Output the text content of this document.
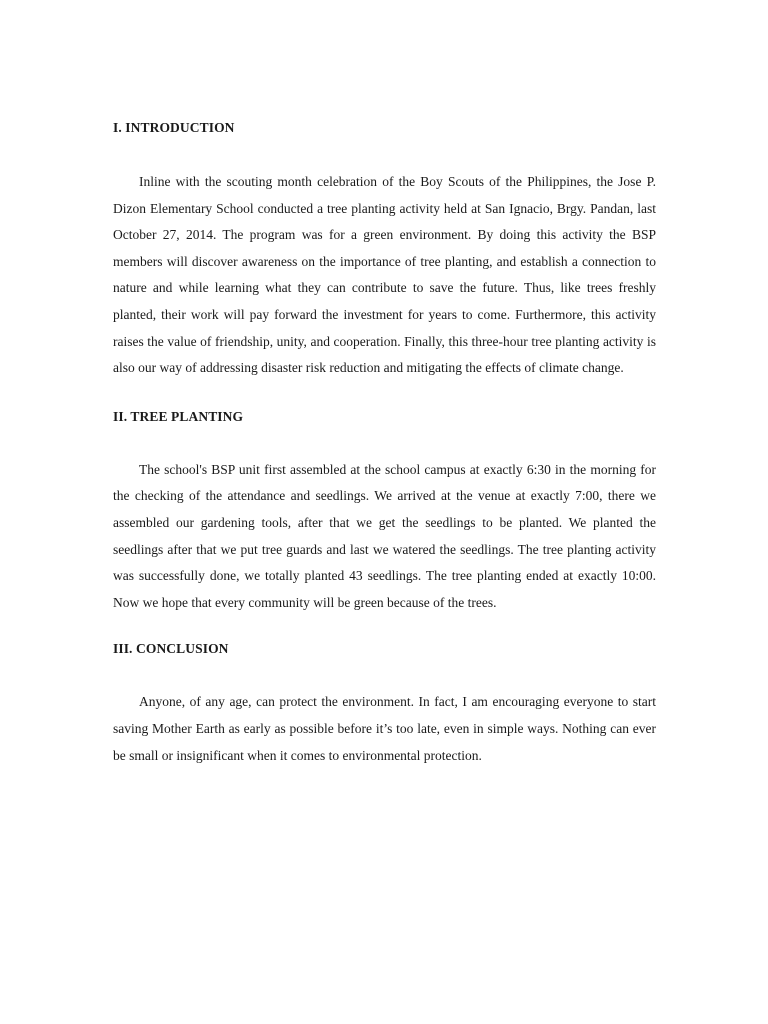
I. INTRODUCTION

Inline with the scouting month celebration of the Boy Scouts of the Philippines, the Jose P. Dizon Elementary School conducted a tree planting activity held at San Ignacio, Brgy. Pandan, last October 27, 2014. The program was for a green environment. By doing this activity the BSP members will discover awareness on the importance of tree planting, and establish a connection to nature and while learning what they can contribute to save the future. Thus, like trees freshly planted, their work will pay forward the investment for years to come. Furthermore, this activity raises the value of friendship, unity, and cooperation. Finally, this three-hour tree planting activity is also our way of addressing disaster risk reduction and mitigating the effects of climate change.

II. TREE PLANTING

The school's BSP unit first assembled at the school campus at exactly 6:30 in the morning for the checking of the attendance and seedlings. We arrived at the venue at exactly 7:00, there we assembled our gardening tools, after that we get the seedlings to be planted. We planted the seedlings after that we put tree guards and last we watered the seedlings. The tree planting activity was successfully done, we totally planted 43 seedlings. The tree planting ended at exactly 10:00. Now we hope that every community will be green because of the trees.

III. CONCLUSION

Anyone, of any age, can protect the environment. In fact, I am encouraging everyone to start saving Mother Earth as early as possible before it’s too late, even in simple ways. Nothing can ever be small or insignificant when it comes to environmental protection.
